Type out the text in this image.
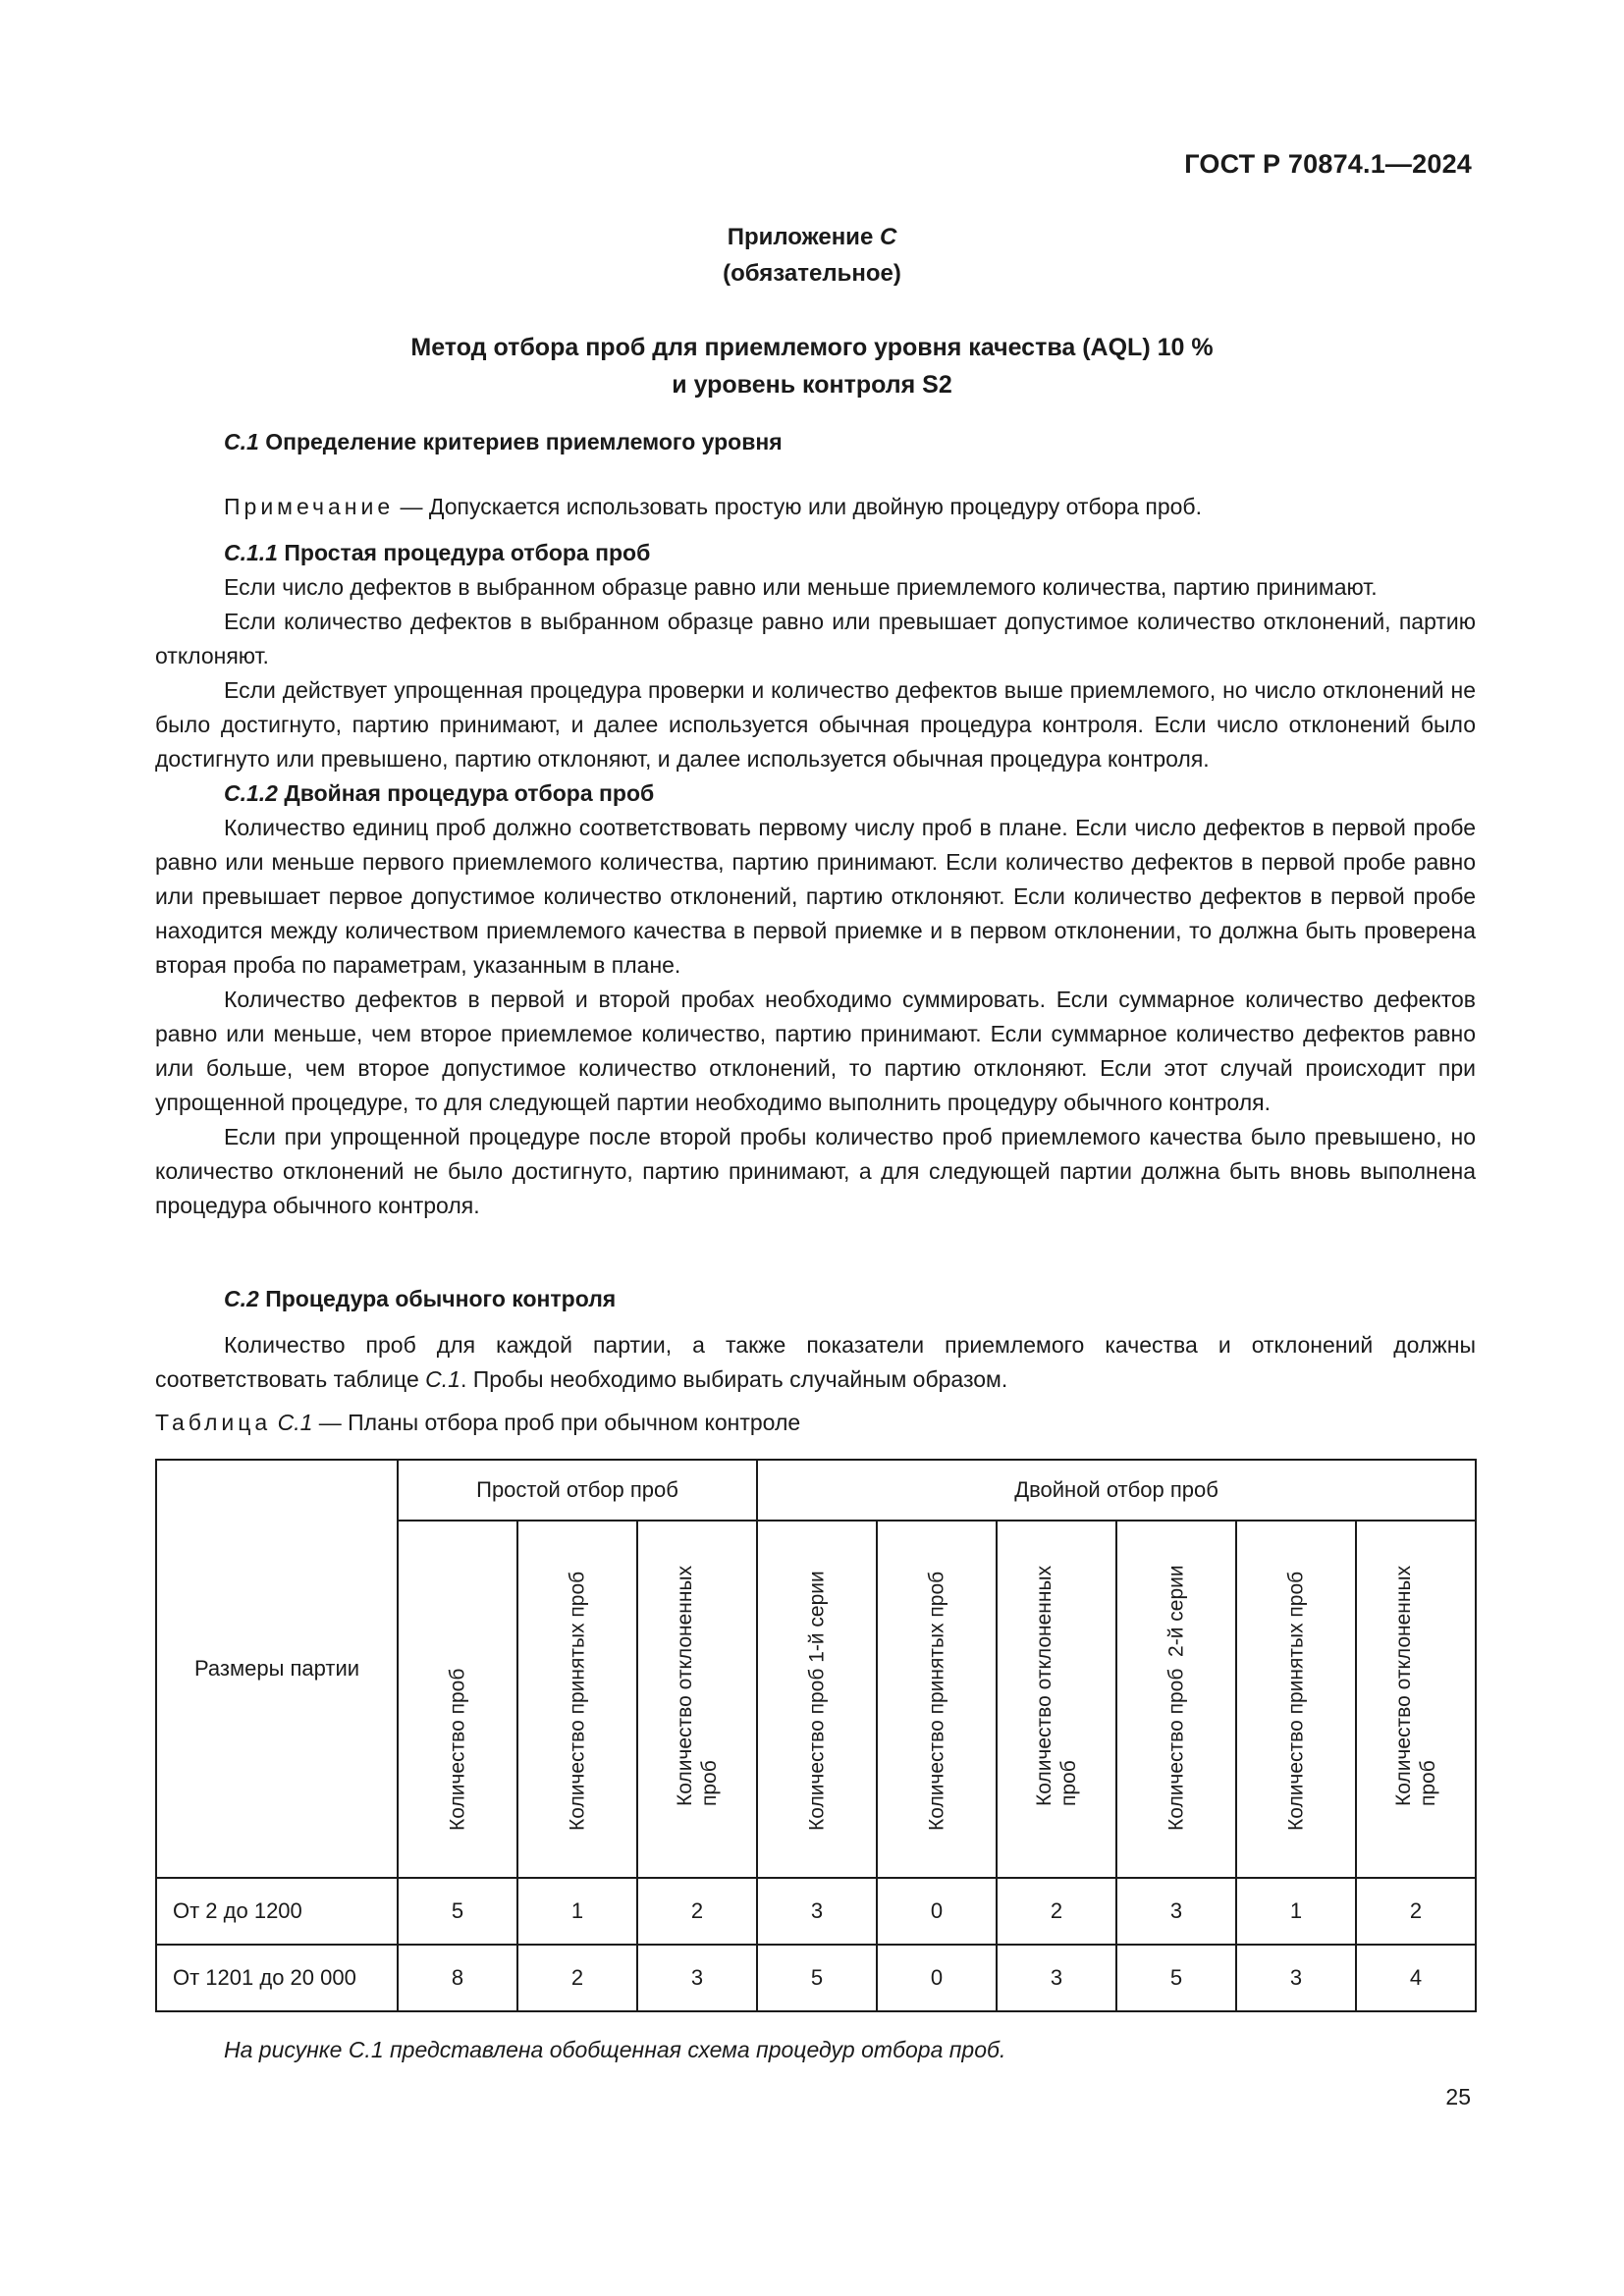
ГОСТ Р 70874.1—2024
Приложение С
(обязательное)
Метод отбора проб для приемлемого уровня качества (AQL) 10 %
и уровень контроля S2

С.1 Определение критериев приемлемого уровня

Примечание — Допускается использовать простую или двойную процедуру отбора проб.

С.1.1 Простая процедура отбора проб

Если число дефектов в выбранном образце равно или меньше приемлемого количества, партию принимают.

Если количество дефектов в выбранном образце равно или превышает допустимое количество отклонений, партию отклоняют.

Если действует упрощенная процедура проверки и количество дефектов выше приемлемого, но число отклонений не было достигнуто, партию принимают, и далее используется обычная процедура контроля. Если число отклонений было достигнуто или превышено, партию отклоняют, и далее используется обычная процедура контроля.

С.1.2 Двойная процедура отбора проб

Количество единиц проб должно соответствовать первому числу проб в плане. Если число дефектов в первой пробе равно или меньше первого приемлемого количества, партию принимают. Если количество дефектов в первой пробе равно или превышает первое допустимое количество отклонений, партию отклоняют. Если количество дефектов в первой пробе находится между количеством приемлемого качества в первой приемке и в первом отклонении, то должна быть проверена вторая проба по параметрам, указанным в плане.

Количество дефектов в первой и второй пробах необходимо суммировать. Если суммарное количество дефектов равно или меньше, чем второе приемлемое количество, партию принимают. Если суммарное количество дефектов равно или больше, чем второе допустимое количество отклонений, то партию отклоняют. Если этот случай происходит при упрощенной процедуре, то для следующей партии необходимо выполнить процедуру обычного контроля.

Если при упрощенной процедуре после второй пробы количество проб приемлемого качества было превышено, но количество отклонений не было достигнуто, партию принимают, а для следующей партии должна быть вновь выполнена процедура обычного контроля.

С.2 Процедура обычного контроля

Количество проб для каждой партии, а также показатели приемлемого качества и отклонений должны соответствовать таблице С.1. Пробы необходимо выбирать случайным образом.

Таблица С.1 — Планы отбора проб при обычном контроле
Размеры партии	Простой отбор проб			Двойной отбор проб					

	Количество проб	Количество принятых проб	Количество отклоненных проб	Количество проб 1-й серии	Количество принятых проб	Количество отклоненных проб	Количество проб  2-й серии	Количество принятых проб	Количество отклоненных проб

От 2 до 1200	5	1	2	3	0	2	3	1	2
От 1201 до 20 000	8	2	3	5	0	3	5	3	4
На рисунке С.1 представлена обобщенная схема процедур отбора проб.
25
